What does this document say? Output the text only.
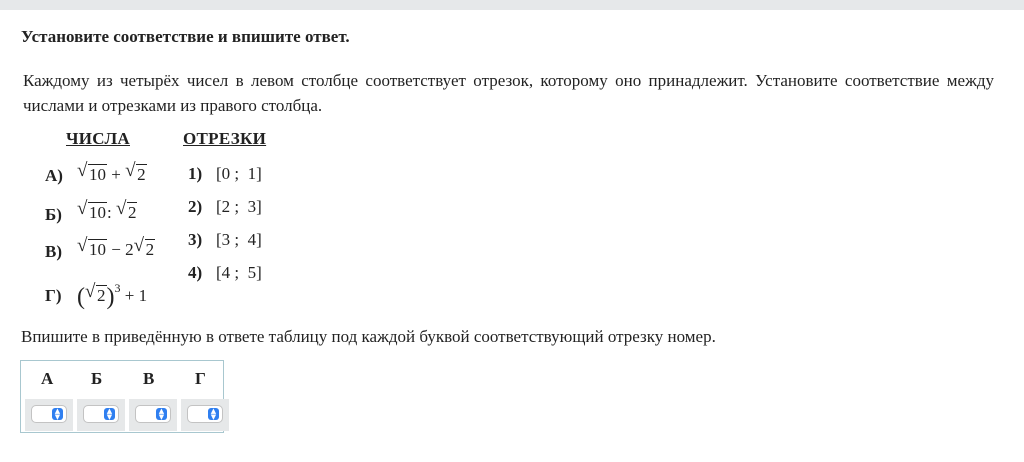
Установите соответствие и впишите ответ.
Каждому из четырёх чисел в левом столбце соответствует отрезок, которому оно принадлежит. Установите соответствие между числами и отрезками из правого столбца.
ЧИСЛА	ОТРЕЗКИ
А) √ 10 + √ 2
Б) √ 10: √ 2
В) √ 10 − 2 √ 2
Г) ( √ 2)$^3$ + 1
1) [0 ;  1]
2) [2 ;  3]
3) [3 ;  4]
4) [4 ;  5]
Впишите в приведённую в ответе таблицу под каждой буквой соответствующий отрезку номер.
А Б В Г
▲
▼
▲
▼
▲
▼
▲
▼
